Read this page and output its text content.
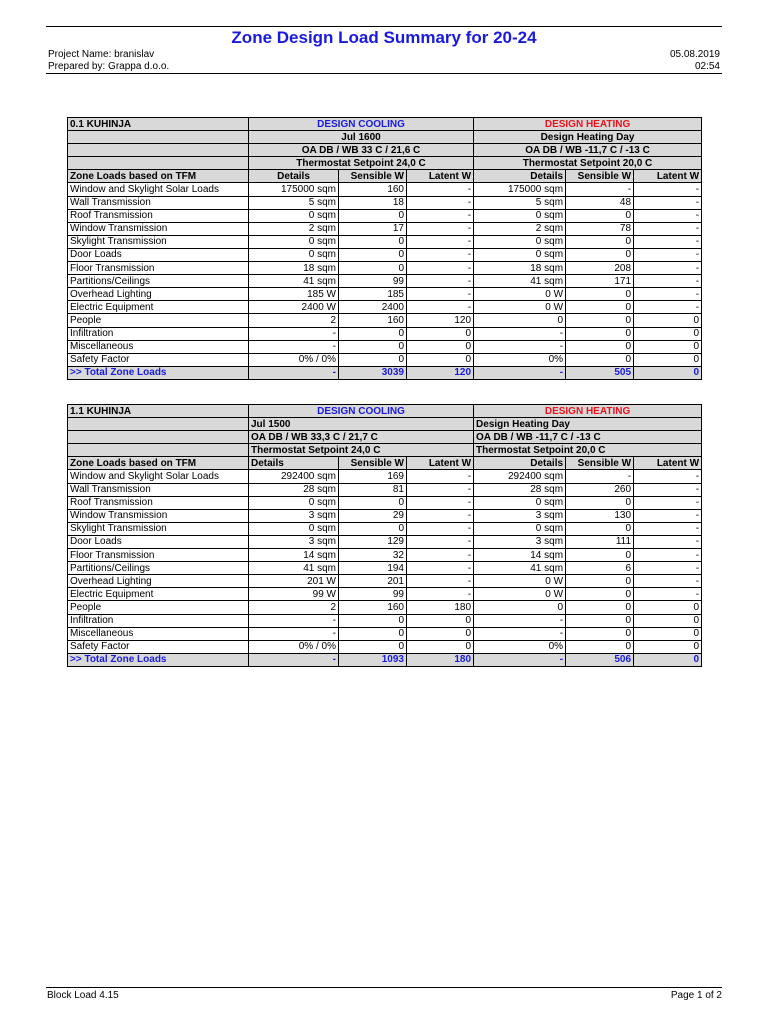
Zone Design Load Summary for 20-24
Project Name: branislav
Prepared by: Grappa d.o.o.
05.08.2019
02:54
0.1 KUHINJA	DESIGN COOLING			DESIGN HEATING		
	Jul 1600			Design Heating Day		
	OA DB / WB 33 C / 21,6 C			OA DB / WB -11,7 C / -13 C		
	Thermostat Setpoint 24,0 C			Thermostat Setpoint 20,0 C		
Zone Loads based on TFM	Details	Sensible W	Latent W	Details	Sensible W	Latent W
Window and Skylight Solar Loads	175000 sqm	160	-	175000 sqm	-	-
Wall Transmission	5 sqm	18	-	5 sqm	48	-
Roof Transmission	0 sqm	0	-	0 sqm	0	-
Window Transmission	2 sqm	17	-	2 sqm	78	-
Skylight Transmission	0 sqm	0	-	0 sqm	0	-
Door Loads	0 sqm	0	-	0 sqm	0	-
Floor Transmission	18 sqm	0	-	18 sqm	208	-
Partitions/Ceilings	41 sqm	99	-	41 sqm	171	-
Overhead Lighting	185 W	185	-	0 W	0	-
Electric Equipment	2400 W	2400	-	0 W	0	-
People	2	160	120	0	0	0
Infiltration	-	0	0	-	0	0
Miscellaneous	-	0	0	-	0	0
Safety Factor	0% / 0%	0	0	0%	0	0
>> Total Zone Loads	-	3039	120	-	505	0
1.1 KUHINJA	DESIGN COOLING			DESIGN HEATING		
	Jul 1500			Design Heating Day		
	OA DB / WB 33,3 C / 21,7 C			OA DB / WB -11,7 C / -13 C		
	Thermostat Setpoint 24,0 C			Thermostat Setpoint 20,0 C		
Zone Loads based on TFM	Details	Sensible W	Latent W	Details	Sensible W	Latent W
Window and Skylight Solar Loads	292400 sqm	169	-	292400 sqm	-	-
Wall Transmission	28 sqm	81	-	28 sqm	260	-
Roof Transmission	0 sqm	0	-	0 sqm	0	-
Window Transmission	3 sqm	29	-	3 sqm	130	-
Skylight Transmission	0 sqm	0	-	0 sqm	0	-
Door Loads	3 sqm	129	-	3 sqm	111	-
Floor Transmission	14 sqm	32	-	14 sqm	0	-
Partitions/Ceilings	41 sqm	194	-	41 sqm	6	-
Overhead Lighting	201 W	201	-	0 W	0	-
Electric Equipment	99 W	99	-	0 W	0	-
People	2	160	180	0	0	0
Infiltration	-	0	0	-	0	0
Miscellaneous	-	0	0	-	0	0
Safety Factor	0% / 0%	0	0	0%	0	0
>> Total Zone Loads	-	1093	180	-	506	0
Block Load 4.15	Page 1 of 2
